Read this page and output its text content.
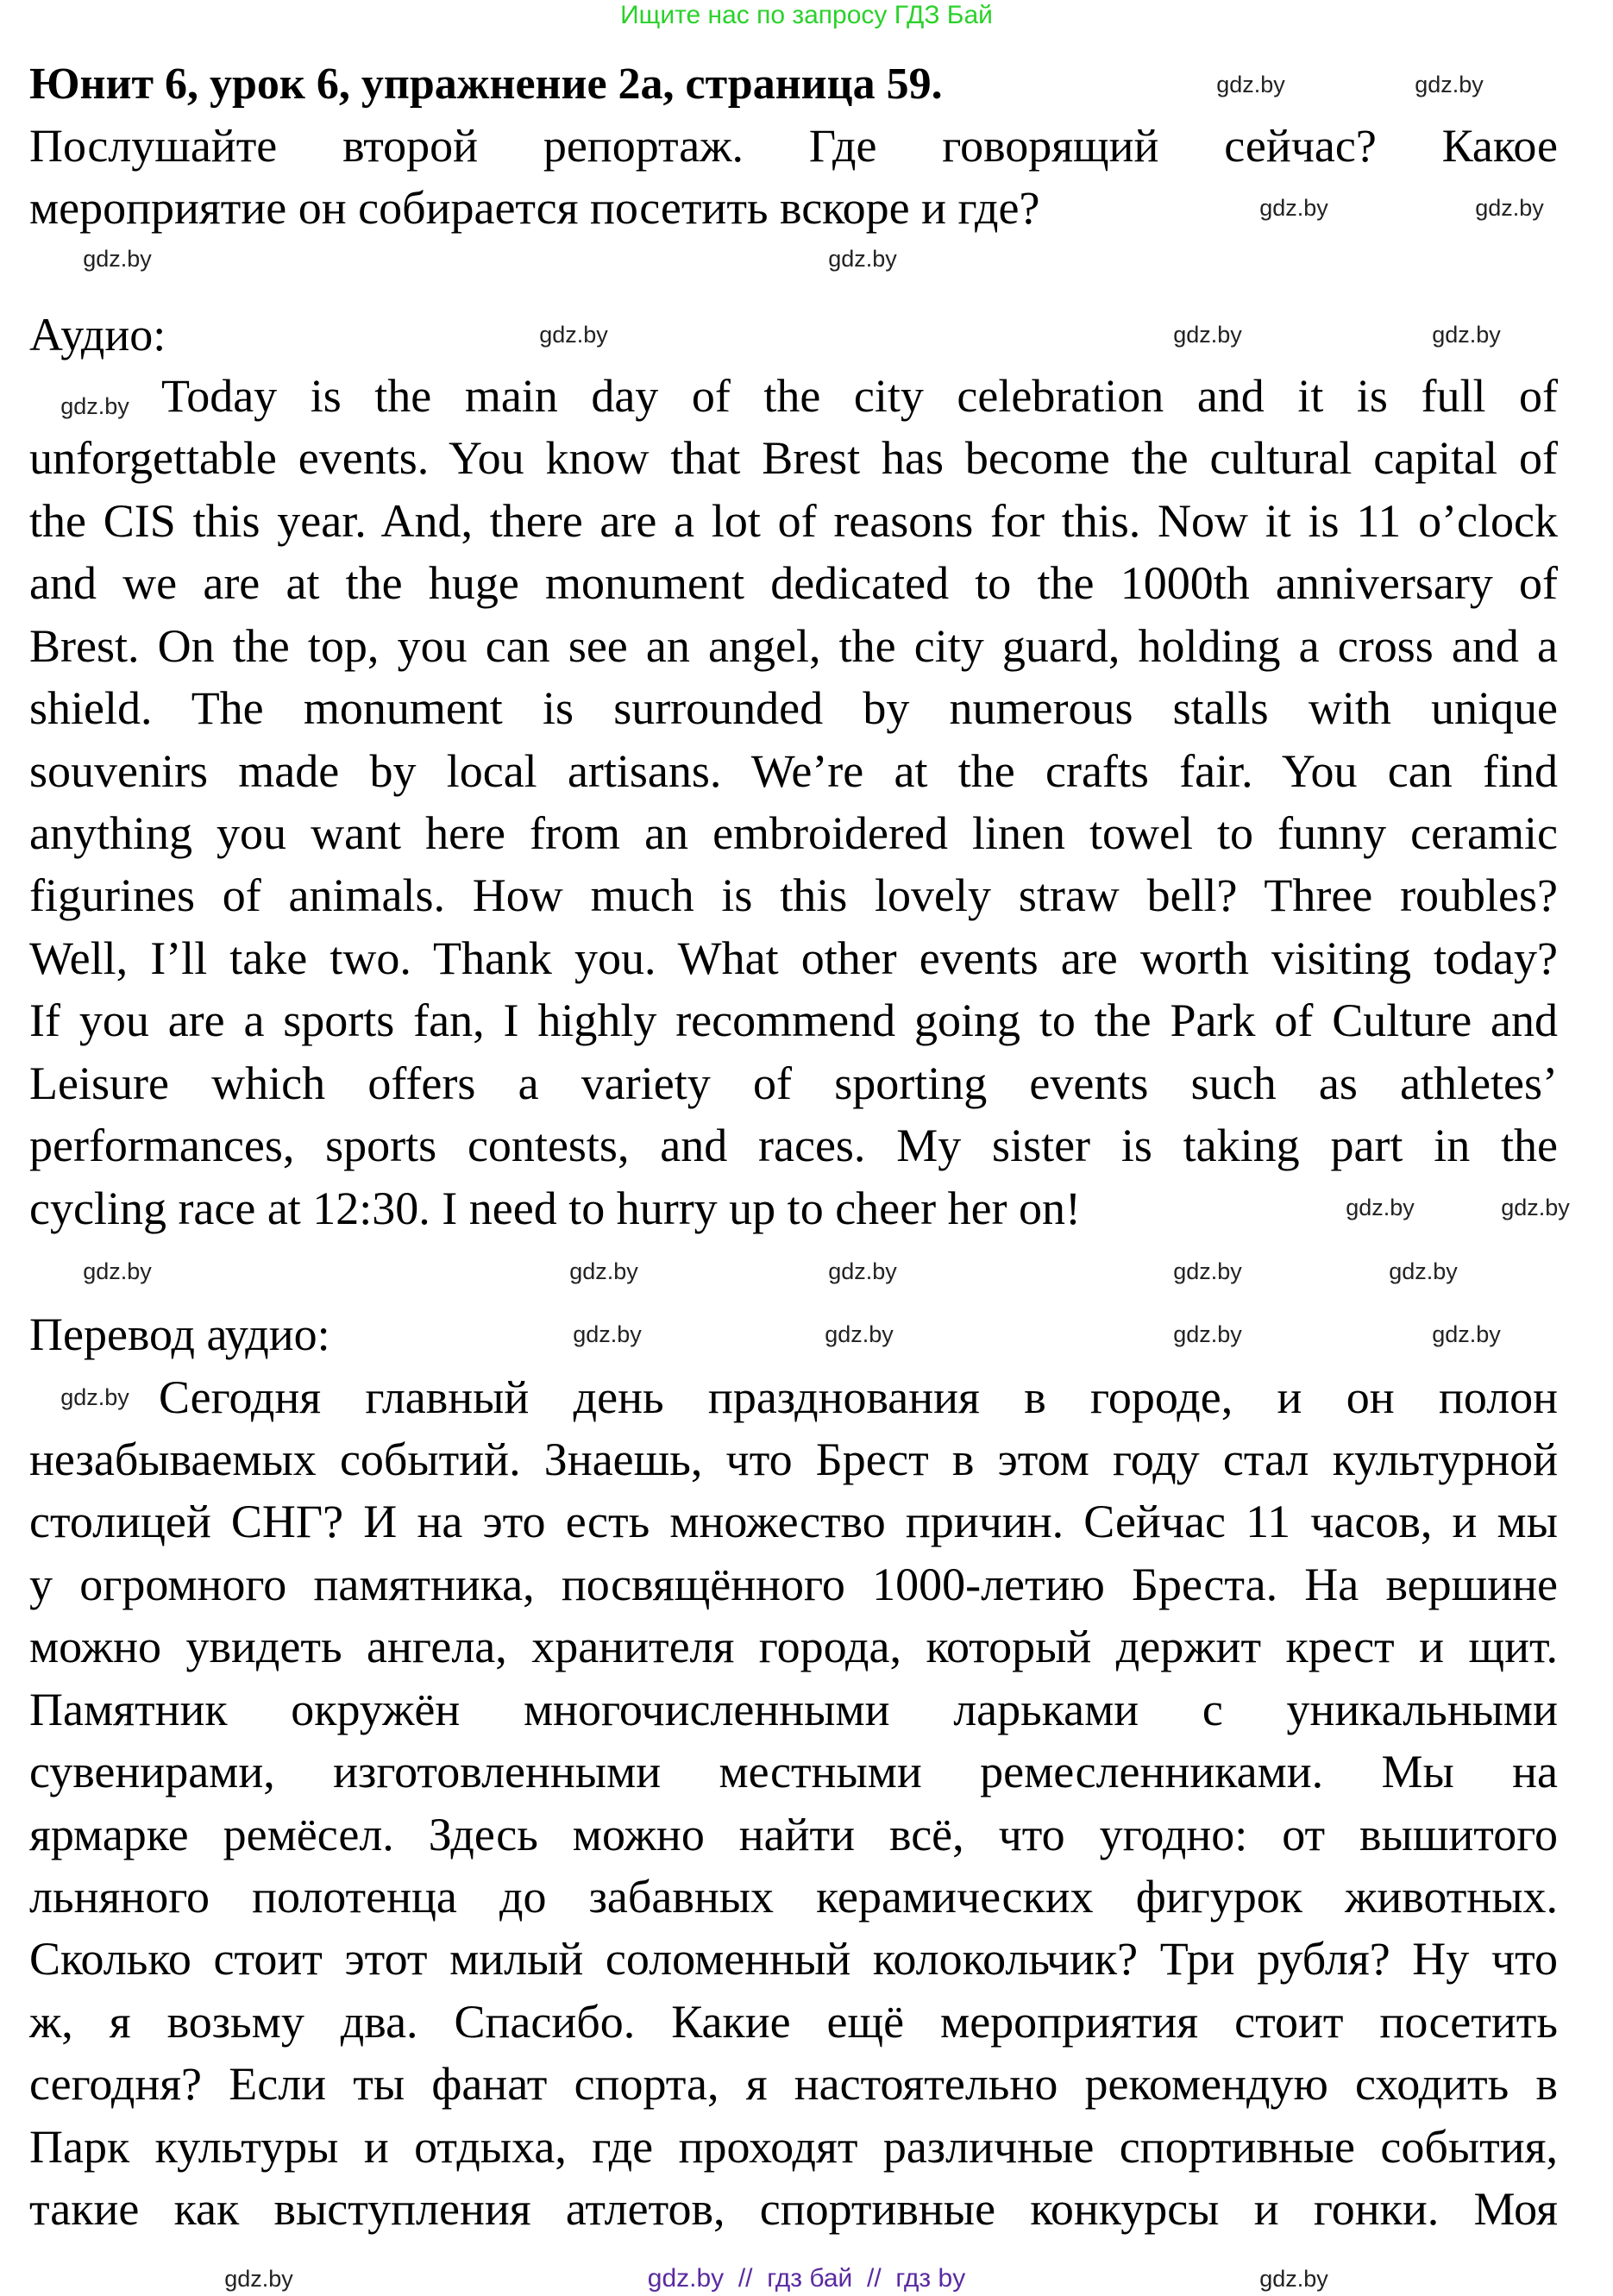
Ищите нас по запросу ГДЗ Бай
Юнит 6, урок 6, упражнение 2а, страница 59.
Послушайте второй репортаж. Где говорящий сейчас? Какое
мероприятие он собирается посетить вскоре и где?
Аудио:
Today is the main day of the city celebration and it is full of
unforgettable events. You know that Brest has become the cultural capital of
the CIS this year. And, there are a lot of reasons for this. Now it is 11 o’clock
and we are at the huge monument dedicated to the 1000th anniversary of
Brest. On the top, you can see an angel, the city guard, holding a cross and a
shield. The monument is surrounded by numerous stalls with unique
souvenirs made by local artisans. We’re at the crafts fair. You can find
anything you want here from an embroidered linen towel to funny ceramic
figurines of animals. How much is this lovely straw bell? Three roubles?
Well, I’ll take two. Thank you. What other events are worth visiting today?
If you are a sports fan, I highly recommend going to the Park of Culture and
Leisure which offers a variety of sporting events such as athletes’
performances, sports contests, and races. My sister is taking part in the
cycling race at 12:30. I need to hurry up to cheer her on!
Перевод аудио:
Сегодня главный день празднования в городе, и он полон
незабываемых событий. Знаешь, что Брест в этом году стал культурной
столицей СНГ? И на это есть множество причин. Сейчас 11 часов, и мы
у огромного памятника, посвящённого 1000-летию Бреста. На вершине
можно увидеть ангела, хранителя города, который держит крест и щит.
Памятник окружён многочисленными ларьками с уникальными
сувенирами, изготовленными местными ремесленниками. Мы на
ярмарке ремёсел. Здесь можно найти всё, что угодно: от вышитого
льняного полотенца до забавных керамических фигурок животных.
Сколько стоит этот милый соломенный колокольчик? Три рубля? Ну что
ж, я возьму два. Спасибо. Какие ещё мероприятия стоит посетить
сегодня? Если ты фанат спорта, я настоятельно рекомендую сходить в
Парк культуры и отдыха, где проходят различные спортивные события,
такие как выступления атлетов, спортивные конкурсы и гонки. Моя
gdz.by	gdz.by
gdz.by	gdz.by
gdz.by	gdz.by
gdz.by	gdz.by	gdz.by
gdz.by
gdz.by	gdz.by
gdz.by	gdz.by	gdz.by	gdz.by	gdz.by
gdz.by	gdz.by	gdz.by	gdz.by
gdz.by
gdz.by	gdz.by
gdz.by  //  гдз бай  //  гдз by
